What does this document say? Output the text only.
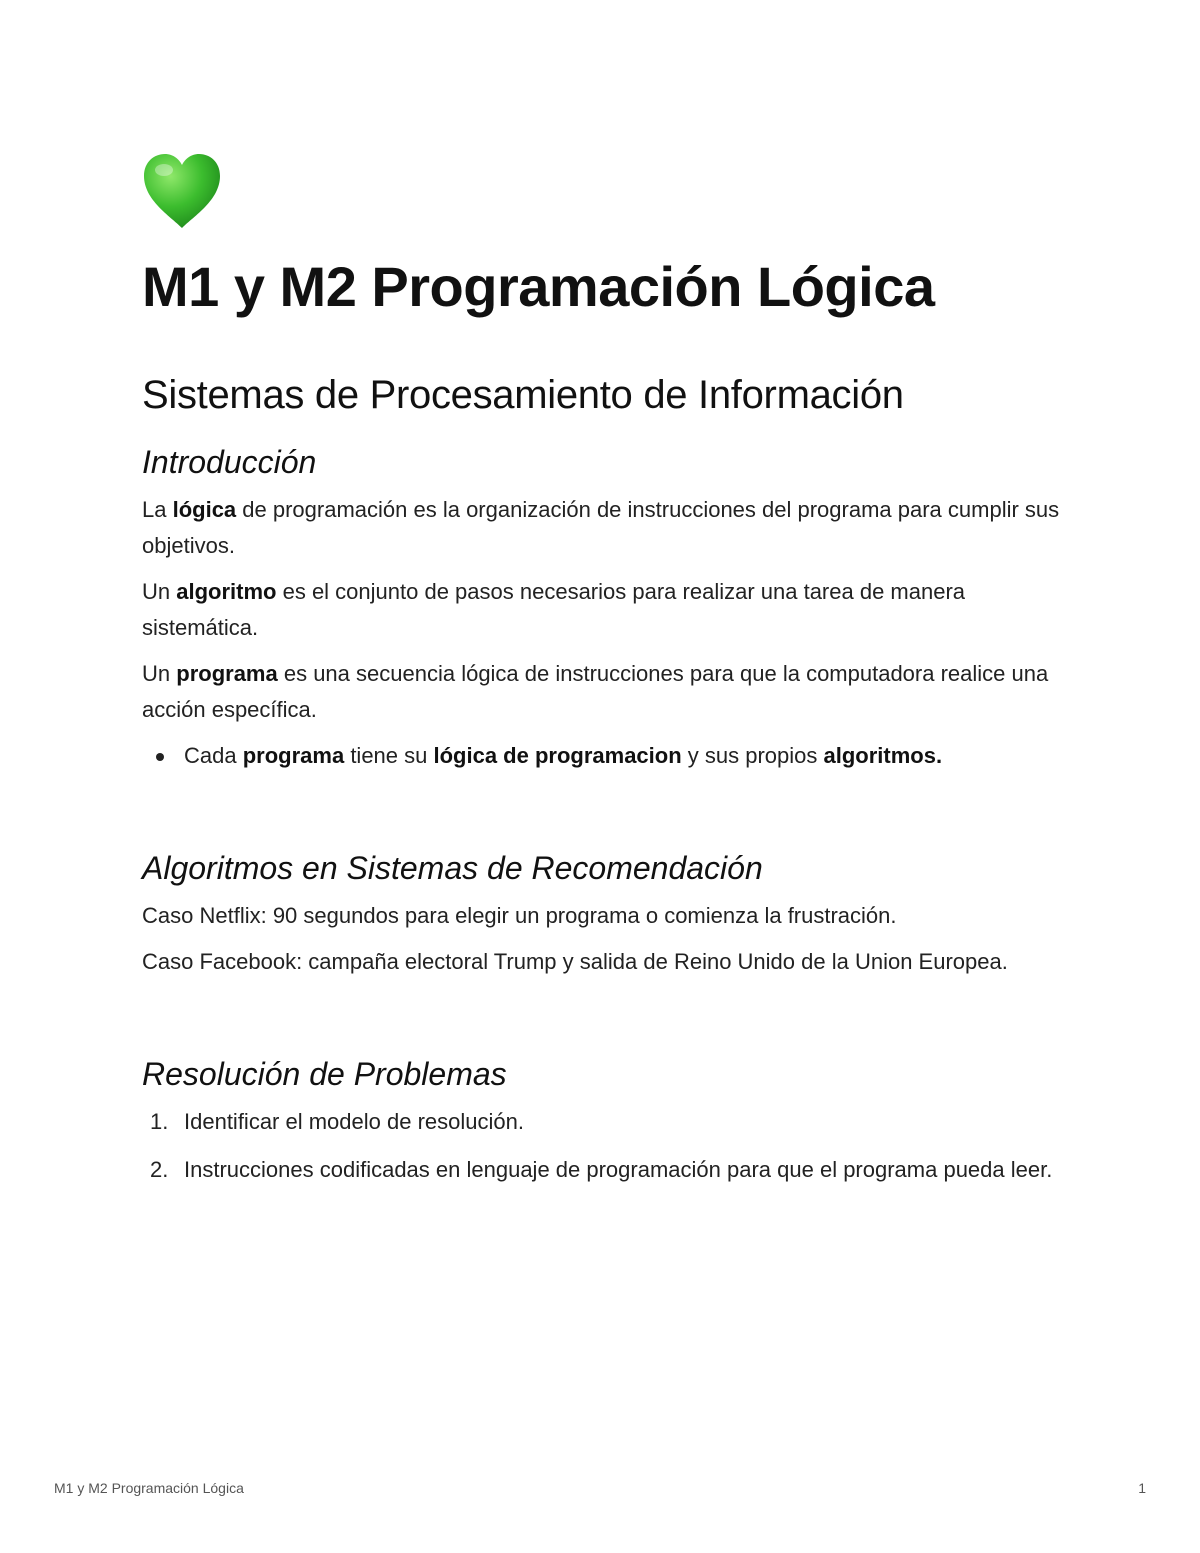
M1 y M2 Programación Lógica
Sistemas de Procesamiento de Información
Introducción

La lógica de programación es la organización de instrucciones del programa para cumplir sus objetivos.

Un algoritmo es el conjunto de pasos necesarios para realizar una tarea de manera sistemática.

Un programa es una secuencia lógica de instrucciones para que la computadora realice una acción específica.

Cada programa tiene su lógica de programacion y sus propios algoritmos.
Algoritmos en Sistemas de Recomendación

Caso Netflix: 90 segundos para elegir un programa o comienza la frustración.

Caso Facebook: campaña electoral Trump y salida de Reino Unido de la Union Europea.

Resolución de Problemas
1. Identificar el modelo de resolución.
2. Instrucciones codificadas en lenguaje de programación para que el programa pueda leer.
M1 y M2 Programación Lógica	1
